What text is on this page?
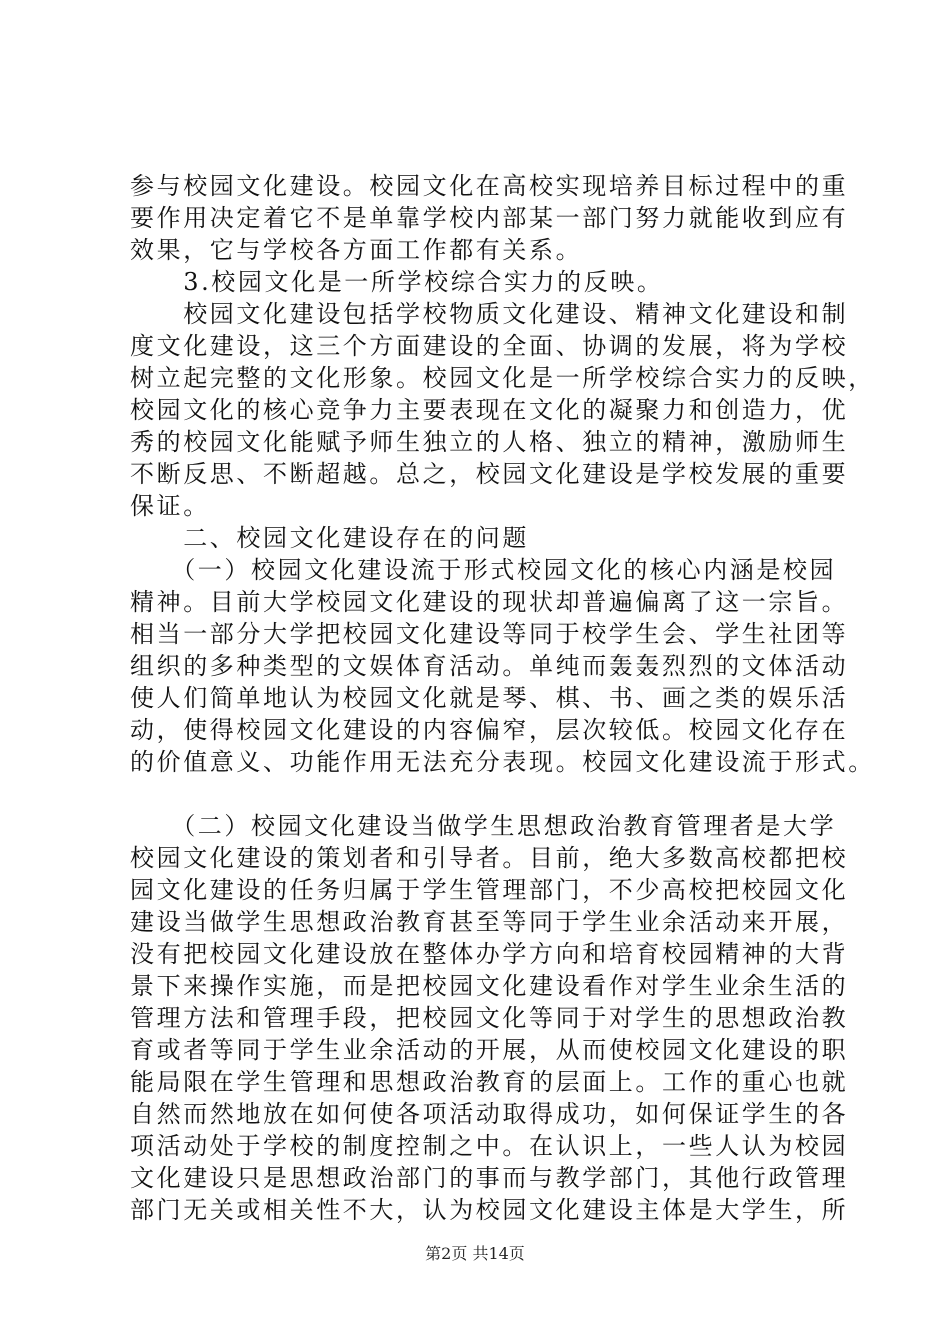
参与校园文化建设。校园文化在高校实现培养目标过程中的重
要作用决定着它不是单靠学校内部某一部门努力就能收到应有
效果，它与学校各方面工作都有关系。
　　3.校园文化是一所学校综合实力的反映。
　　校园文化建设包括学校物质文化建设、精神文化建设和制
度文化建设，这三个方面建设的全面、协调的发展，将为学校
树立起完整的文化形象。校园文化是一所学校综合实力的反映，
校园文化的核心竞争力主要表现在文化的凝聚力和创造力，优
秀的校园文化能赋予师生独立的人格、独立的精神，激励师生
不断反思、不断超越。总之，校园文化建设是学校发展的重要
保证。
　　二、校园文化建设存在的问题
　　（一）校园文化建设流于形式校园文化的核心内涵是校园
精神。目前大学校园文化建设的现状却普遍偏离了这一宗旨。
相当一部分大学把校园文化建设等同于校学生会、学生社团等
组织的多种类型的文娱体育活动。单纯而轰轰烈烈的文体活动
使人们简单地认为校园文化就是琴、棋、书、画之类的娱乐活
动，使得校园文化建设的内容偏窄，层次较低。校园文化存在
的价值意义、功能作用无法充分表现。校园文化建设流于形式。
　　（二）校园文化建设当做学生思想政治教育管理者是大学
校园文化建设的策划者和引导者。目前，绝大多数高校都把校
园文化建设的任务归属于学生管理部门，不少高校把校园文化
建设当做学生思想政治教育甚至等同于学生业余活动来开展，
没有把校园文化建设放在整体办学方向和培育校园精神的大背
景下来操作实施，而是把校园文化建设看作对学生业余生活的
管理方法和管理手段，把校园文化等同于对学生的思想政治教
育或者等同于学生业余活动的开展，从而使校园文化建设的职
能局限在学生管理和思想政治教育的层面上。工作的重心也就
自然而然地放在如何使各项活动取得成功，如何保证学生的各
项活动处于学校的制度控制之中。在认识上，一些人认为校园
文化建设只是思想政治部门的事而与教学部门，其他行政管理
部门无关或相关性不大，认为校园文化建设主体是大学生，所
第2页 共14页
